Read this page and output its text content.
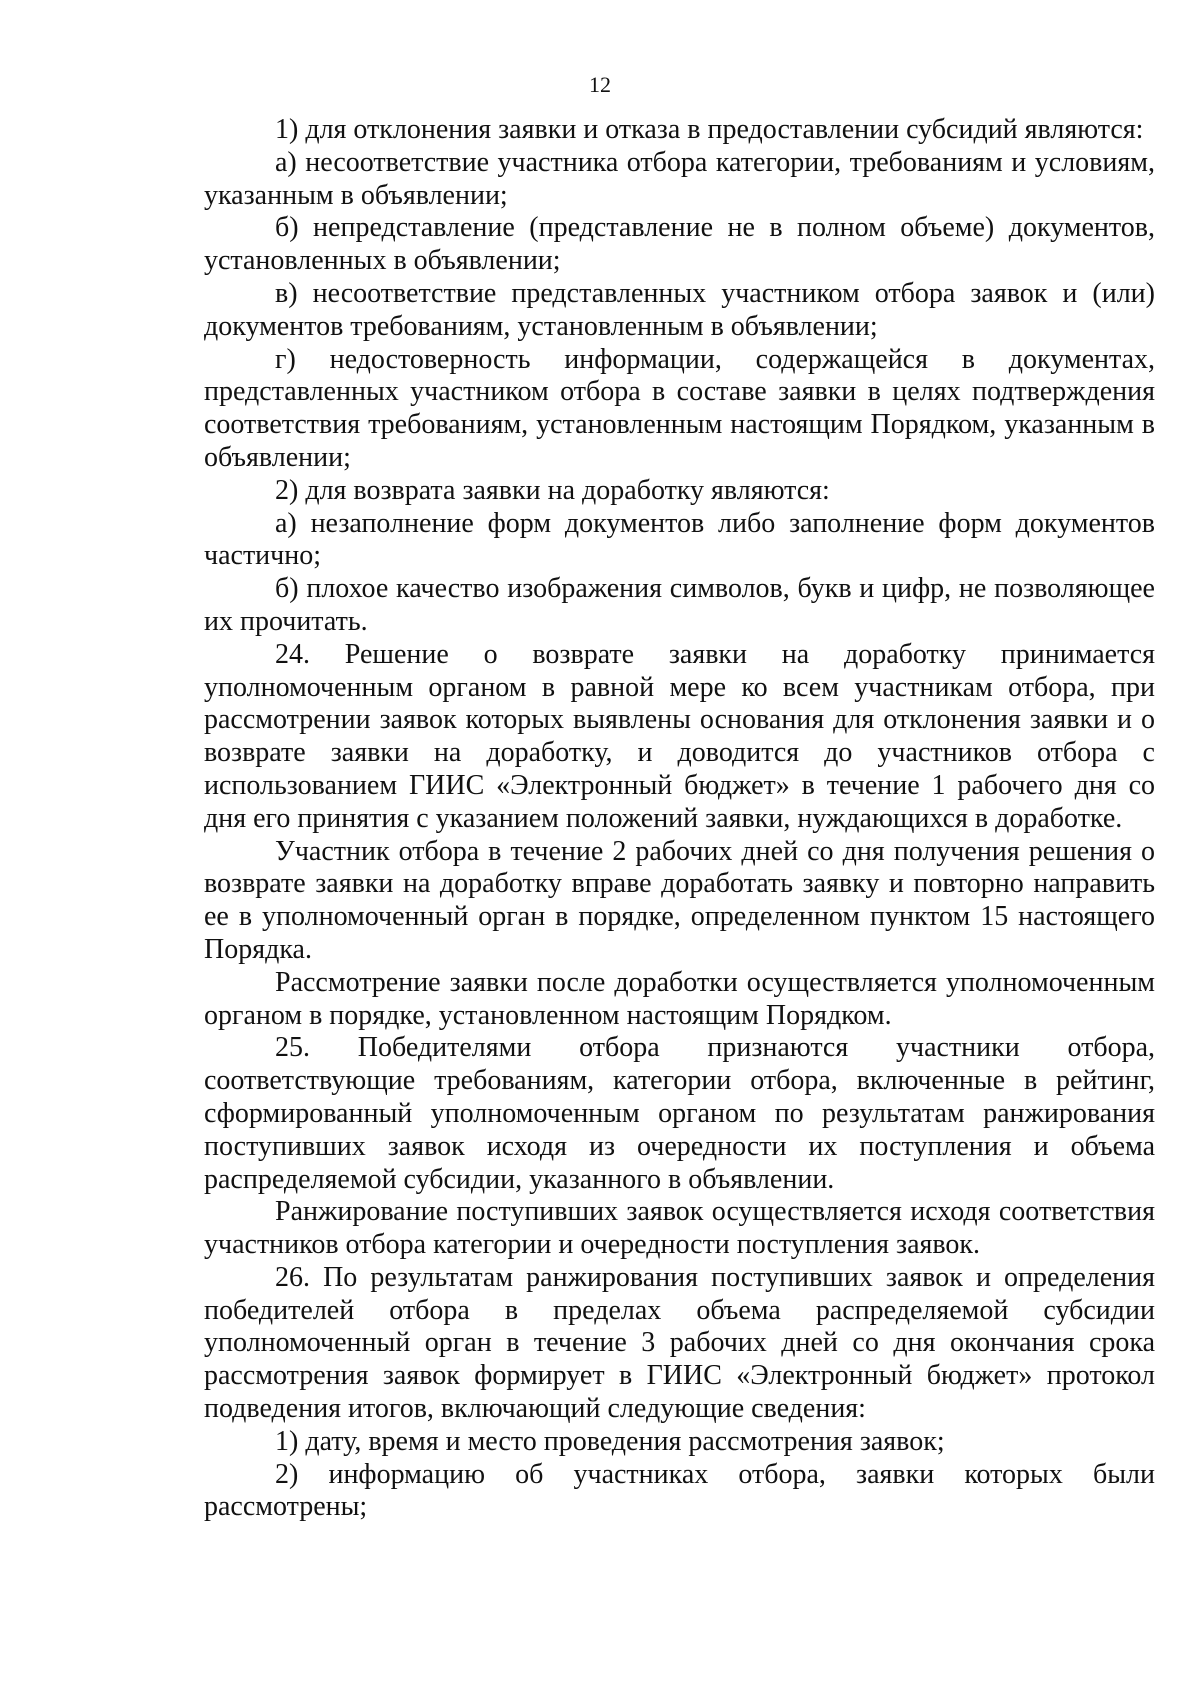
12

1) для отклонения заявки и отказа в предоставлении субсидий являются:

а) несоответствие участника отбора категории, требованиям и условиям, указанным в объявлении;

б) непредставление (представление не в полном объеме) документов, установленных в объявлении;

в) несоответствие представленных участником отбора заявок и (или) документов требованиям, установленным в объявлении;

г) недостоверность информации, содержащейся в документах, представленных участником отбора в составе заявки в целях подтверждения соответствия требованиям, установленным настоящим Порядком, указанным в объявлении;

2) для возврата заявки на доработку являются:

а) незаполнение форм документов либо заполнение форм документов частично;

б) плохое качество изображения символов, букв и цифр, не позволяющее их прочитать.

24. Решение о возврате заявки на доработку принимается уполномоченным органом в равной мере ко всем участникам отбора, при рассмотрении заявок которых выявлены основания для отклонения заявки и о возврате заявки на доработку, и доводится до участников отбора с использованием ГИИС «Электронный бюджет» в течение 1 рабочего дня со дня его принятия с указанием положений заявки, нуждающихся в доработке.

Участник отбора в течение 2 рабочих дней со дня получения решения о возврате заявки на доработку вправе доработать заявку и повторно направить ее в уполномоченный орган в порядке, определенном пунктом 15 настоящего Порядка.

Рассмотрение заявки после доработки осуществляется уполномоченным органом в порядке, установленном настоящим Порядком.

25. Победителями отбора признаются участники отбора, соответствующие требованиям, категории отбора, включенные в рейтинг, сформированный уполномоченным органом по результатам ранжирования поступивших заявок исходя из очередности их поступления и объема распределяемой субсидии, указанного в объявлении.

Ранжирование поступивших заявок осуществляется исходя соответствия участников отбора категории и очередности поступления заявок.

26. По результатам ранжирования поступивших заявок и определения победителей отбора в пределах объема распределяемой субсидии уполномоченный орган в течение 3 рабочих дней со дня окончания срока рассмотрения заявок формирует в ГИИС «Электронный бюджет» протокол подведения итогов, включающий следующие сведения:

1) дату, время и место проведения рассмотрения заявок;

2) информацию об участниках отбора, заявки которых были рассмотрены;
